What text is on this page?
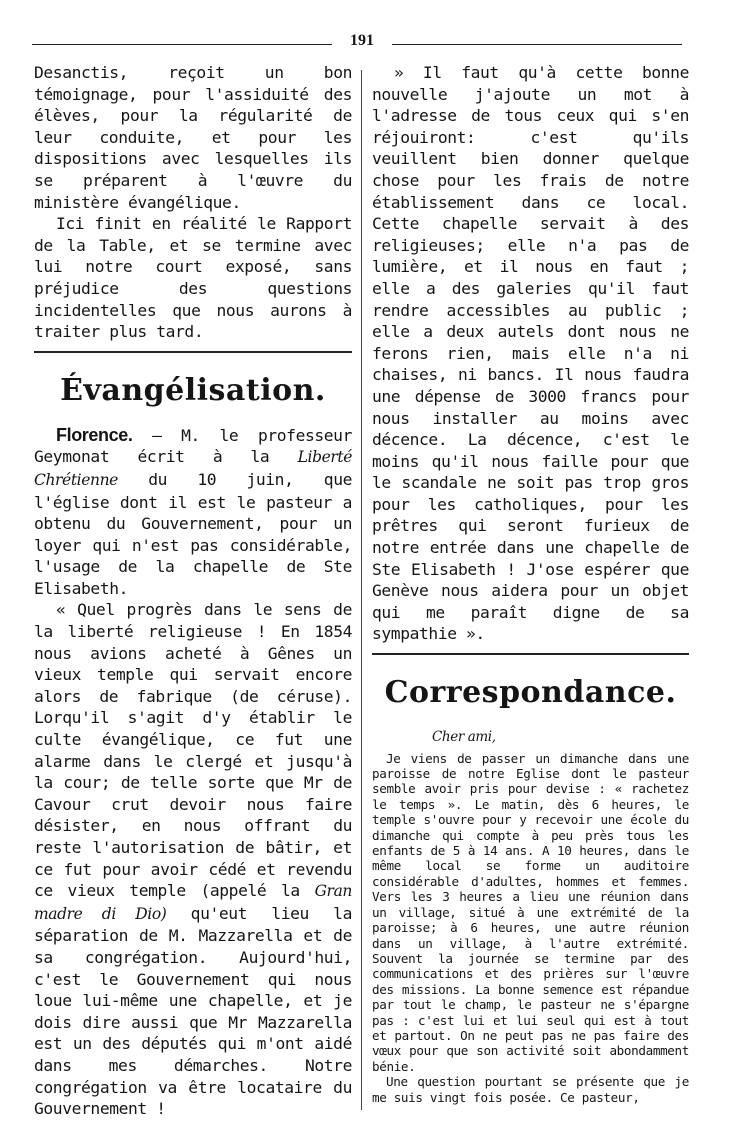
191

Desanctis, reçoit un bon témoignage, pour l'assiduité des élèves, pour la régularité de leur conduite, et pour les dispositions avec lesquelles ils se préparent à l'œuvre du ministère évangélique.

Ici finit en réalité le Rapport de la Table, et se termine avec lui notre court exposé, sans préjudice des questions incidentelles que nous aurons à traiter plus tard.

Évangélisation.

Florence. — M. le professeur Geymonat écrit à la Liberté Chrétienne du 10 juin, que l'église dont il est le pasteur a obtenu du Gouvernement, pour un loyer qui n'est pas considérable, l'usage de la chapelle de Ste Elisabeth.

« Quel progrès dans le sens de la liberté religieuse ! En 1854 nous avions acheté à Gênes un vieux temple qui servait encore alors de fabrique (de céruse). Lorqu'il s'agit d'y établir le culte évangélique, ce fut une alarme dans le clergé et jusqu'à la cour; de telle sorte que Mr de Cavour crut devoir nous faire désister, en nous offrant du reste l'autorisation de bâtir, et ce fut pour avoir cédé et revendu ce vieux temple (appelé la Gran madre di Dio) qu'eut lieu la séparation de M. Mazzarella et de sa congrégation. Aujourd'hui, c'est le Gouvernement qui nous loue lui-même une chapelle, et je dois dire aussi que Mr Mazzarella est un des députés qui m'ont aidé dans mes démarches. Notre congrégation va être locataire du Gouvernement !

» Il faut qu'à cette bonne nouvelle j'ajoute un mot à l'adresse de tous ceux qui s'en réjouiront: c'est qu'ils veuillent bien donner quelque chose pour les frais de notre établissement dans ce local. Cette chapelle servait à des religieuses; elle n'a pas de lumière, et il nous en faut ; elle a des galeries qu'il faut rendre accessibles au public ; elle a deux autels dont nous ne ferons rien, mais elle n'a ni chaises, ni bancs. Il nous faudra une dépense de 3000 francs pour nous installer au moins avec décence. La décence, c'est le moins qu'il nous faille pour que le scandale ne soit pas trop gros pour les catholiques, pour les prêtres qui seront furieux de notre entrée dans une chapelle de Ste Elisabeth ! J'ose espérer que Genève nous aidera pour un objet qui me paraît digne de sa sympathie ».

Correspondance.
Cher ami,

Je viens de passer un dimanche dans une paroisse de notre Eglise dont le pasteur semble avoir pris pour devise : « rachetez le temps ». Le matin, dès 6 heures, le temple s'ouvre pour y recevoir une école du dimanche qui compte à peu près tous les enfants de 5 à 14 ans. A 10 heures, dans le même local se forme un auditoire considérable d'adultes, hommes et femmes. Vers les 3 heures a lieu une réunion dans un village, situé à une extrémité de la paroisse; à 6 heures, une autre réunion dans un village, à l'autre extrémité. Souvent la journée se termine par des communications et des prières sur l'œuvre des missions. La bonne semence est répandue par tout le champ, le pasteur ne s'épargne pas : c'est lui et lui seul qui est à tout et partout. On ne peut pas ne pas faire des vœux pour que son activité soit abondamment bénie.

Une question pourtant se présente que je me suis vingt fois posée. Ce pasteur,
